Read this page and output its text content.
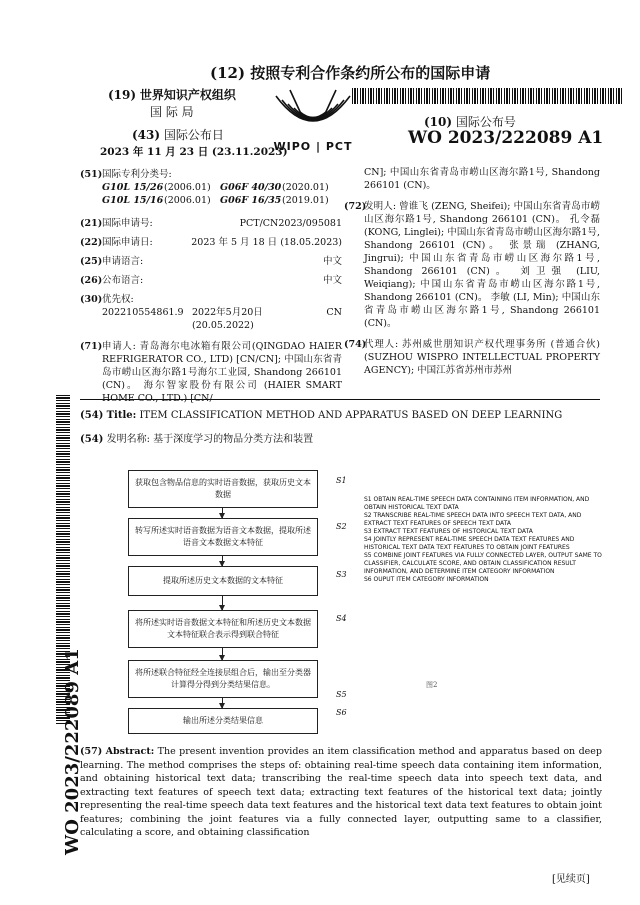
(12) 按照专利合作条约所公布的国际申请
(19) 世界知识产权组织
国 际 局
(43) 国际公布日
2023 年 11 月 23 日 (23.11.2023)
WIPO | PCT
(10) 国际公布号
WO 2023/222089 A1
(51)国际专利分类号:
G10L 15/26(2006.01) G06F 40/30(2020.01)
G10L 15/16(2006.01) G06F 16/35(2019.01)
(21) 国际申请号:	PCT/CN2023/095081
(22) 国际申请日:	2023 年 5 月 18 日 (18.05.2023)
(25) 申请语言:	中文
(26) 公布语言:	中文
(30)优先权:
202210554861.9 2022年5月20日 (20.05.2022)
CN
(71) 申请人: 青岛海尔电冰箱有限公司(QINGDAO HAIER REFRIGERATOR CO., LTD) [CN/CN]; 中国山东省青岛市崂山区海尔路1号海尔工业园, Shandong 266101 (CN)。 海尔智家股份有限公司 (HAIER SMART HOME CO., LTD.) [CN/
CN]; 中国山东省青岛市崂山区海尔路1号, Shandong 266101 (CN)。
(72)
发明人: 曾谁飞 (ZENG, Sheifei); 中国山东省青岛市崂山区海尔路1号, Shandong 266101 (CN)。 孔令磊 (KONG, Linglei); 中国山东省青岛市崂山区海尔路1号, Shandong 266101 (CN)。 张景瑞 (ZHANG, Jingrui); 中国山东省青岛市崂山区海尔路1号, Shandong 266101 (CN)。 刘卫强 (LIU, Weiqiang); 中国山东省青岛市崂山区海尔路1号, Shandong 266101 (CN)。 李敏 (LI, Min); 中国山东省青岛市崂山区海尔路1号, Shandong 266101 (CN)。
(74)
代理人: 苏州威世朋知识产权代理事务所 (普通合伙) (SUZHOU WISPRO INTELLECTUAL PROPERTY AGENCY); 中国江苏省苏州市苏州
WO 2023/222089 A1
(54) Title: ITEM CLASSIFICATION METHOD AND APPARATUS BASED ON DEEP LEARNING
(54) 发明名称: 基于深度学习的物品分类方法和装置
获取包含物品信息的实时语音数据，获取历史文本数据
S1
转写所述实时语音数据为语音文本数据，提取所述语音文本数据文本特征
S2
提取所述历史文本数据的文本特征
S3
将所述实时语音数据文本特征和所述历史文本数据文本特征联合表示得到联合特征
S4
将所述联合特征经全连接层组合后，输出至分类器计算得分得到分类结果信息。
S5
输出所述分类结果信息
S6
S1 OBTAIN REAL-TIME SPEECH DATA CONTAINING ITEM INFORMATION, AND OBTAIN HISTORICAL TEXT DATA
S2 TRANSCRIBE REAL-TIME SPEECH DATA INTO SPEECH TEXT DATA, AND EXTRACT TEXT FEATURES OF SPEECH TEXT DATA
S3 EXTRACT TEXT FEATURES OF HISTORICAL TEXT DATA
S4 JOINTLY REPRESENT REAL-TIME SPEECH DATA TEXT FEATURES AND HISTORICAL TEXT DATA TEXT FEATURES TO OBTAIN JOINT FEATURES
S5 COMBINE JOINT FEATURES VIA FULLY CONNECTED LAYER, OUTPUT SAME TO CLASSIFIER, CALCULATE SCORE, AND OBTAIN CLASSIFICATION RESULT INFORMATION, AND DETERMINE ITEM CATEGORY INFORMATION
S6 OUPUT ITEM CATEGORY INFORMATION
图2
(57) Abstract: The present invention provides an item classification method and apparatus based on deep learning. The method comprises the steps of: obtaining real-time speech data containing item information, and obtaining historical text data; transcribing the real-time speech data into speech text data, and extracting text features of speech text data; extracting text features of the historical text data; jointly representing the real-time speech data text features and the historical text data text features to obtain joint features; combining the joint features via a fully connected layer, outputting same to a classifier, calculating a score, and obtaining classification
[见续页]
